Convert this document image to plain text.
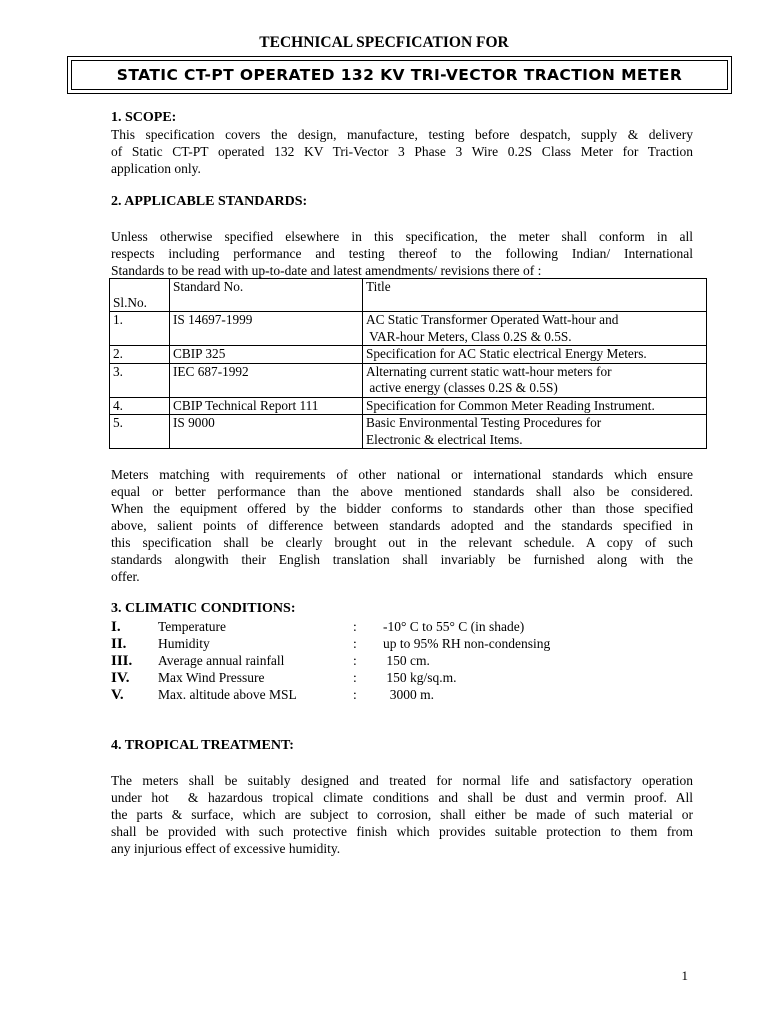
TECHNICAL SPECFICATION FOR
STATIC CT-PT OPERATED 132 KV TRI-VECTOR TRACTION METER
1. SCOPE:
This specification covers the design, manufacture, testing before despatch, supply & delivery
of Static CT-PT operated 132 KV Tri-Vector 3 Phase 3 Wire 0.2S Class Meter for Traction
application only.
2. APPLICABLE STANDARDS:
Unless otherwise specified elsewhere in this specification, the meter shall conform in all
respects including performance and testing thereof to the following Indian/ International
Standards to be read with up-to-date and latest amendments/ revisions there of :
Sl.No.	Standard No.	Title
1.	IS 14697-1999	AC Static Transformer Operated Watt-hour and
VAR-hour Meters, Class 0.2S & 0.5S.

2.	CBIP 325	Specification for AC Static electrical Energy Meters.

3.	IEC 687-1992	Alternating current static watt-hour meters for
active energy (classes 0.2S & 0.5S)

4.	CBIP Technical Report 111	Specification for Common Meter Reading Instrument.

5.	IS 9000	Basic Environmental Testing Procedures for
Electronic & electrical Items.
Meters matching with requirements of other national or international standards which ensure
equal or better performance than the above mentioned standards shall also be considered.
When the equipment offered by the bidder conforms to standards other than those specified
above, salient points of difference between standards adopted and the standards specified in
this specification shall be clearly brought out in the relevant schedule. A copy of such
standards alongwith their English translation shall invariably be furnished along with the
offer.
3. CLIMATIC CONDITIONS:
I.	Temperature	: -10° C to 55° C (in shade)
II. Humidity	: up to 95% RH non-condensing
III. Average annual rainfall	: 150 cm.
IV. Max Wind Pressure	: 150 kg/sq.m.
V.	Max. altitude above MSL	: 3000 m.
4. TROPICAL TREATMENT:
The meters shall be suitably designed and treated for normal life and satisfactory operation
under hot  & hazardous tropical climate conditions and shall be dust and vermin proof. All
the parts & surface, which are subject to corrosion, shall either be made of such material or
shall be provided with such protective finish which provides suitable protection to them from
any injurious effect of excessive humidity.
1
